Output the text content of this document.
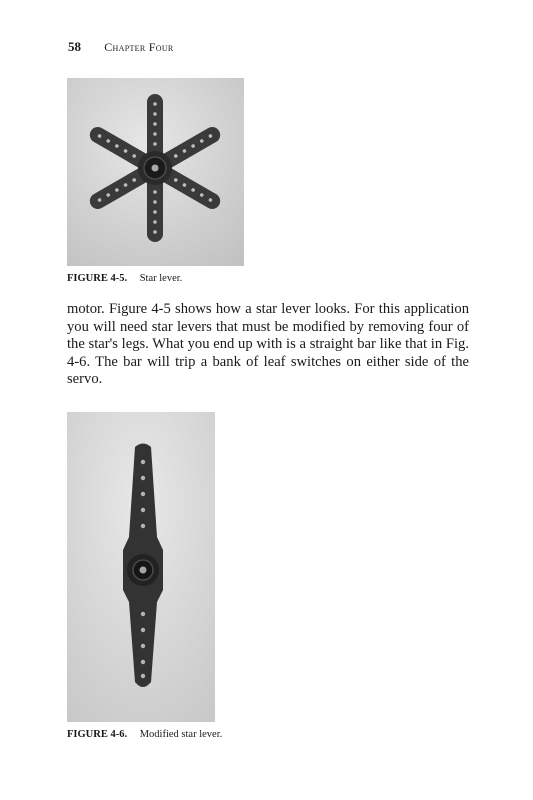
58 Chapter Four
FIGURE 4-5. Star lever.

motor. Figure 4-5 shows how a star lever looks. For this application you will need star levers that must be modified by removing four of the star's legs. What you end up with is a straight bar like that in Fig. 4-6. The bar will trip a bank of leaf switches on either side of the servo.

FIGURE 4-6. Modified star lever.
